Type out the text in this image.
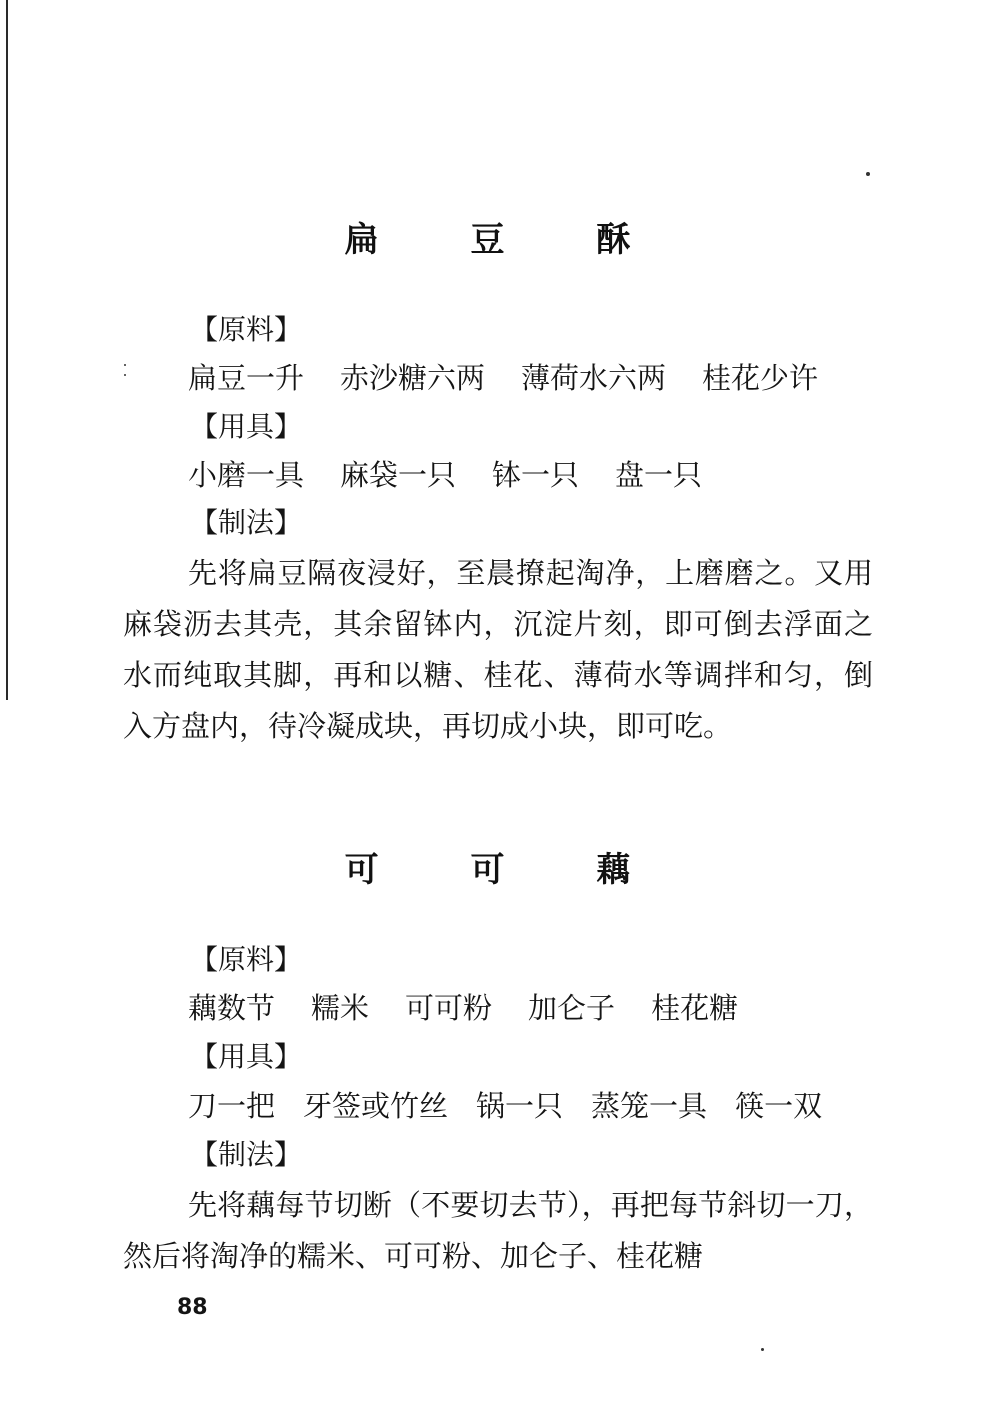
扁 豆 酥
【原料】
扁豆一升 赤沙糖六两 薄荷水六两 桂花少许
【用具】
小磨一具 麻袋一只 钵一只 盘一只
【制法】

先将扁豆隔夜浸好，至晨撩起淘净，上磨磨之。又用麻袋沥去其壳，其余留钵内，沉淀片刻，即可倒去浮面之水而纯取其脚，再和以糖、桂花、薄荷水等调拌和匀，倒入方盘内，待冷凝成块，再切成小块，即可吃。

可 可 藕
【原料】
藕数节 糯米 可可粉 加仑子 桂花糖
【用具】
刀一把 牙签或竹丝 锅一只 蒸笼一具 筷一双
【制法】

先将藕每节切断（不要切去节），再把每节斜切一刀，然后将淘净的糯米、可可粉、加仑子、桂花糖

88
